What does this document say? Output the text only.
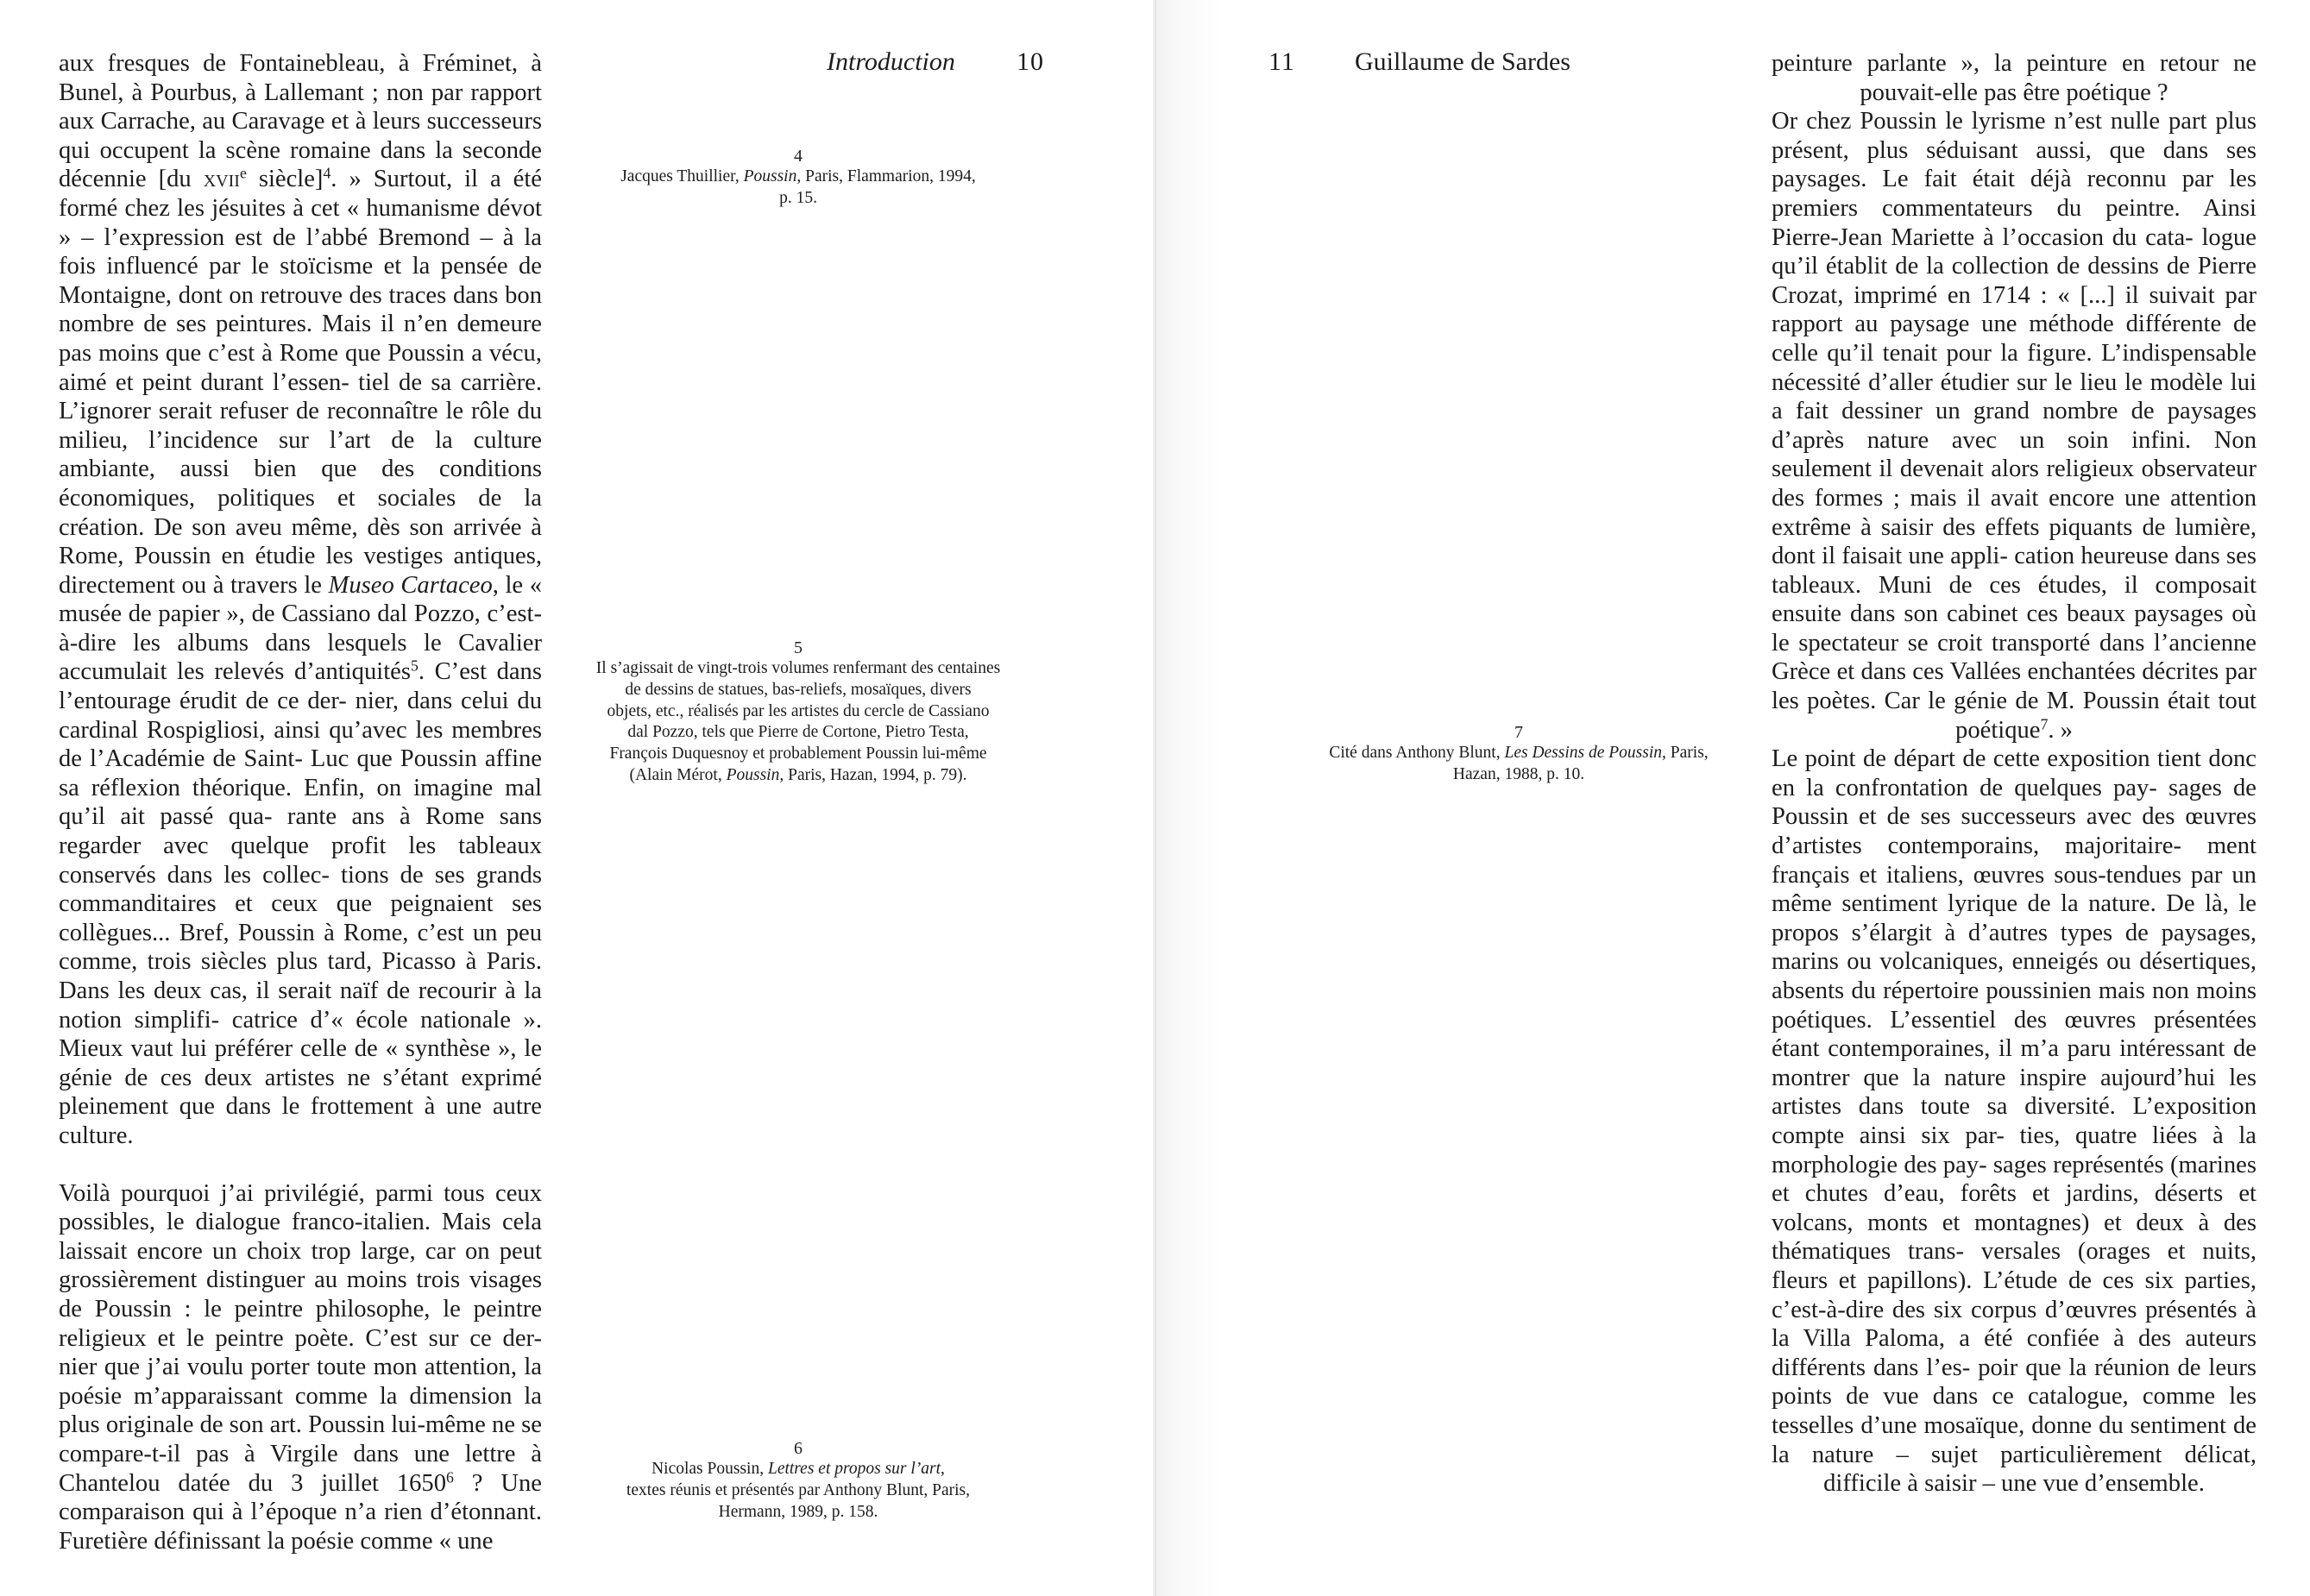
Introduction 10	11 Guillaume de Sardes

aux fresques de Fontainebleau, à Fréminet, à Bunel, à Pourbus, à Lallemant ; non par rapport aux Carrache, au Caravage et à leurs successeurs qui occupent la scène romaine dans la seconde décennie [du xvii$^e$ siècle]$^4$. » Surtout, il a été formé chez les jésuites à cet « humanisme dévot » – l’expression est de l’abbé Bremond – à la fois influencé par le stoïcisme et la pensée de Montaigne, dont on retrouve des traces dans bon nombre de ses peintures. Mais il n’en demeure pas moins que c’est à Rome que Poussin a vécu, aimé et peint durant l’essen- tiel de sa carrière. L’ignorer serait refuser de reconnaître le rôle du milieu, l’incidence sur l’art de la culture ambiante, aussi bien que des conditions économiques, politiques et sociales de la création. De son aveu même, dès son arrivée à Rome, Poussin en étudie les vestiges antiques, directement ou à travers le Museo Cartaceo, le « musée de papier », de Cassiano dal Pozzo, c’est-à-dire les albums dans lesquels le Cavalier accumulait les relevés d’antiquités$^5$. C’est dans l’entourage érudit de ce der- nier, dans celui du cardinal Rospigliosi, ainsi qu’avec les membres de l’Académie de Saint- Luc que Poussin affine sa réflexion théorique. Enfin, on imagine mal qu’il ait passé qua- rante ans à Rome sans regarder avec quelque profit les tableaux conservés dans les collec- tions de ses grands commanditaires et ceux que peignaient ses collègues... Bref, Poussin à Rome, c’est un peu comme, trois siècles plus tard, Picasso à Paris. Dans les deux cas, il serait naïf de recourir à la notion simplifi- catrice d’« école nationale ». Mieux vaut lui préférer celle de « synthèse », le génie de ces deux artistes ne s’étant exprimé pleinement que dans le frottement à une autre culture.

Voilà pourquoi j’ai privilégié, parmi tous ceux possibles, le dialogue franco-italien. Mais cela laissait encore un choix trop large, car on peut grossièrement distinguer au moins trois visages de Poussin : le peintre philosophe, le peintre religieux et le peintre poète. C’est sur ce der- nier que j’ai voulu porter toute mon attention, la poésie m’apparaissant comme la dimension la plus originale de son art. Poussin lui-même ne se compare-t-il pas à Virgile dans une lettre à Chantelou datée du 3 juillet 1650$^6$ ? Une comparaison qui à l’époque n’a rien d’étonnant. Furetière définissant la poésie comme « une

4
Jacques Thuillier, Poussin, Paris, Flammarion, 1994,
p. 15.
5
Il s’agissait de vingt-trois volumes renfermant des centaines
de dessins de statues, bas-reliefs, mosaïques, divers
objets, etc., réalisés par les artistes du cercle de Cassiano
dal Pozzo, tels que Pierre de Cortone, Pietro Testa,
François Duquesnoy et probablement Poussin lui-même
(Alain Mérot, Poussin, Paris, Hazan, 1994, p. 79).
6
Nicolas Poussin, Lettres et propos sur l’art,
textes réunis et présentés par Anthony Blunt, Paris,
Hermann, 1989, p. 158.
7
Cité dans Anthony Blunt, Les Dessins de Poussin, Paris,
Hazan, 1988, p. 10.

peinture parlante », la peinture en retour ne pouvait-elle pas être poétique ?

Or chez Poussin le lyrisme n’est nulle part plus présent, plus séduisant aussi, que dans ses paysages. Le fait était déjà reconnu par les premiers commentateurs du peintre. Ainsi Pierre-Jean Mariette à l’occasion du cata- logue qu’il établit de la collection de dessins de Pierre Crozat, imprimé en 1714 : « [...] il suivait par rapport au paysage une méthode différente de celle qu’il tenait pour la figure. L’indispensable nécessité d’aller étudier sur le lieu le modèle lui a fait dessiner un grand nombre de paysages d’après nature avec un soin infini. Non seulement il devenait alors religieux observateur des formes ; mais il avait encore une attention extrême à saisir des effets piquants de lumière, dont il faisait une appli- cation heureuse dans ses tableaux. Muni de ces études, il composait ensuite dans son cabinet ces beaux paysages où le spectateur se croit transporté dans l’ancienne Grèce et dans ces Vallées enchantées décrites par les poètes. Car le génie de M. Poussin était tout poétique$^7$. »

Le point de départ de cette exposition tient donc en la confrontation de quelques pay- sages de Poussin et de ses successeurs avec des œuvres d’artistes contemporains, majoritaire- ment français et italiens, œuvres sous-tendues par un même sentiment lyrique de la nature. De là, le propos s’élargit à d’autres types de paysages, marins ou volcaniques, enneigés ou désertiques, absents du répertoire poussinien mais non moins poétiques. L’essentiel des œuvres présentées étant contemporaines, il m’a paru intéressant de montrer que la nature inspire aujourd’hui les artistes dans toute sa diversité. L’exposition compte ainsi six par- ties, quatre liées à la morphologie des pay- sages représentés (marines et chutes d’eau, forêts et jardins, déserts et volcans, monts et montagnes) et deux à des thématiques trans- versales (orages et nuits, fleurs et papillons). L’étude de ces six parties, c’est-à-dire des six corpus d’œuvres présentés à la Villa Paloma, a été confiée à des auteurs différents dans l’es- poir que la réunion de leurs points de vue dans ce catalogue, comme les tesselles d’une mosaïque, donne du sentiment de la nature – sujet particulièrement délicat, difficile à saisir – une vue d’ensemble.
